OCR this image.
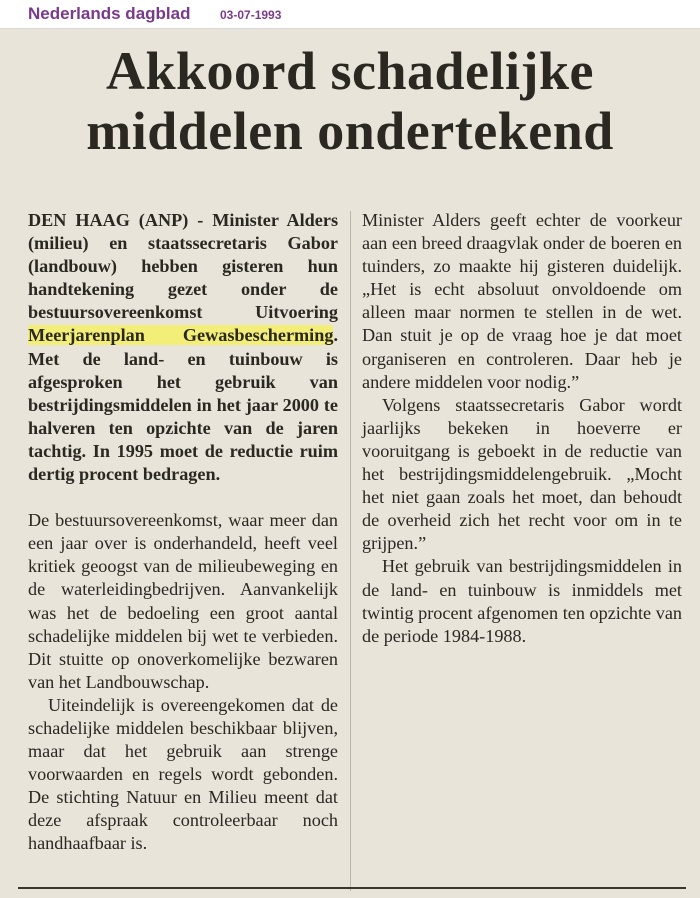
Nederlands dagblad 03-07-1993
Akkoord schadelijke middelen ondertekend

DEN HAAG (ANP) - Minister Alders (milieu) en staatssecretaris Gabor (landbouw) hebben gisteren hun handtekening gezet onder de bestuursovereenkomst Uitvoering Meerjarenplan Gewasbescherming. Met de land- en tuinbouw is afgesproken het gebruik van bestrijdingsmiddelen in het jaar 2000 te halveren ten opzichte van de jaren tachtig. In 1995 moet de reductie ruim dertig procent bedragen.

De bestuursovereenkomst, waar meer dan een jaar over is onderhandeld, heeft veel kritiek geoogst van de milieubeweging en de waterleidingbedrijven. Aanvankelijk was het de bedoeling een groot aantal schadelijke middelen bij wet te verbieden. Dit stuitte op onoverkomelijke bezwaren van het Landbouwschap.

Uiteindelijk is overeengekomen dat de schadelijke middelen beschikbaar blijven, maar dat het gebruik aan strenge voorwaarden en regels wordt gebonden. De stichting Natuur en Milieu meent dat deze afspraak controleerbaar noch handhaafbaar is.

Minister Alders geeft echter de voorkeur aan een breed draagvlak onder de boeren en tuinders, zo maakte hij gisteren duidelijk. „Het is echt absoluut onvoldoende om alleen maar normen te stellen in de wet. Dan stuit je op de vraag hoe je dat moet organiseren en controleren. Daar heb je andere middelen voor nodig.”

Volgens staatssecretaris Gabor wordt jaarlijks bekeken in hoeverre er vooruitgang is geboekt in de reductie van het bestrijdingsmiddelengebruik. „Mocht het niet gaan zoals het moet, dan behoudt de overheid zich het recht voor om in te grijpen.”

Het gebruik van bestrijdingsmiddelen in de land- en tuinbouw is inmiddels met twintig procent afgenomen ten opzichte van de periode 1984-1988.
